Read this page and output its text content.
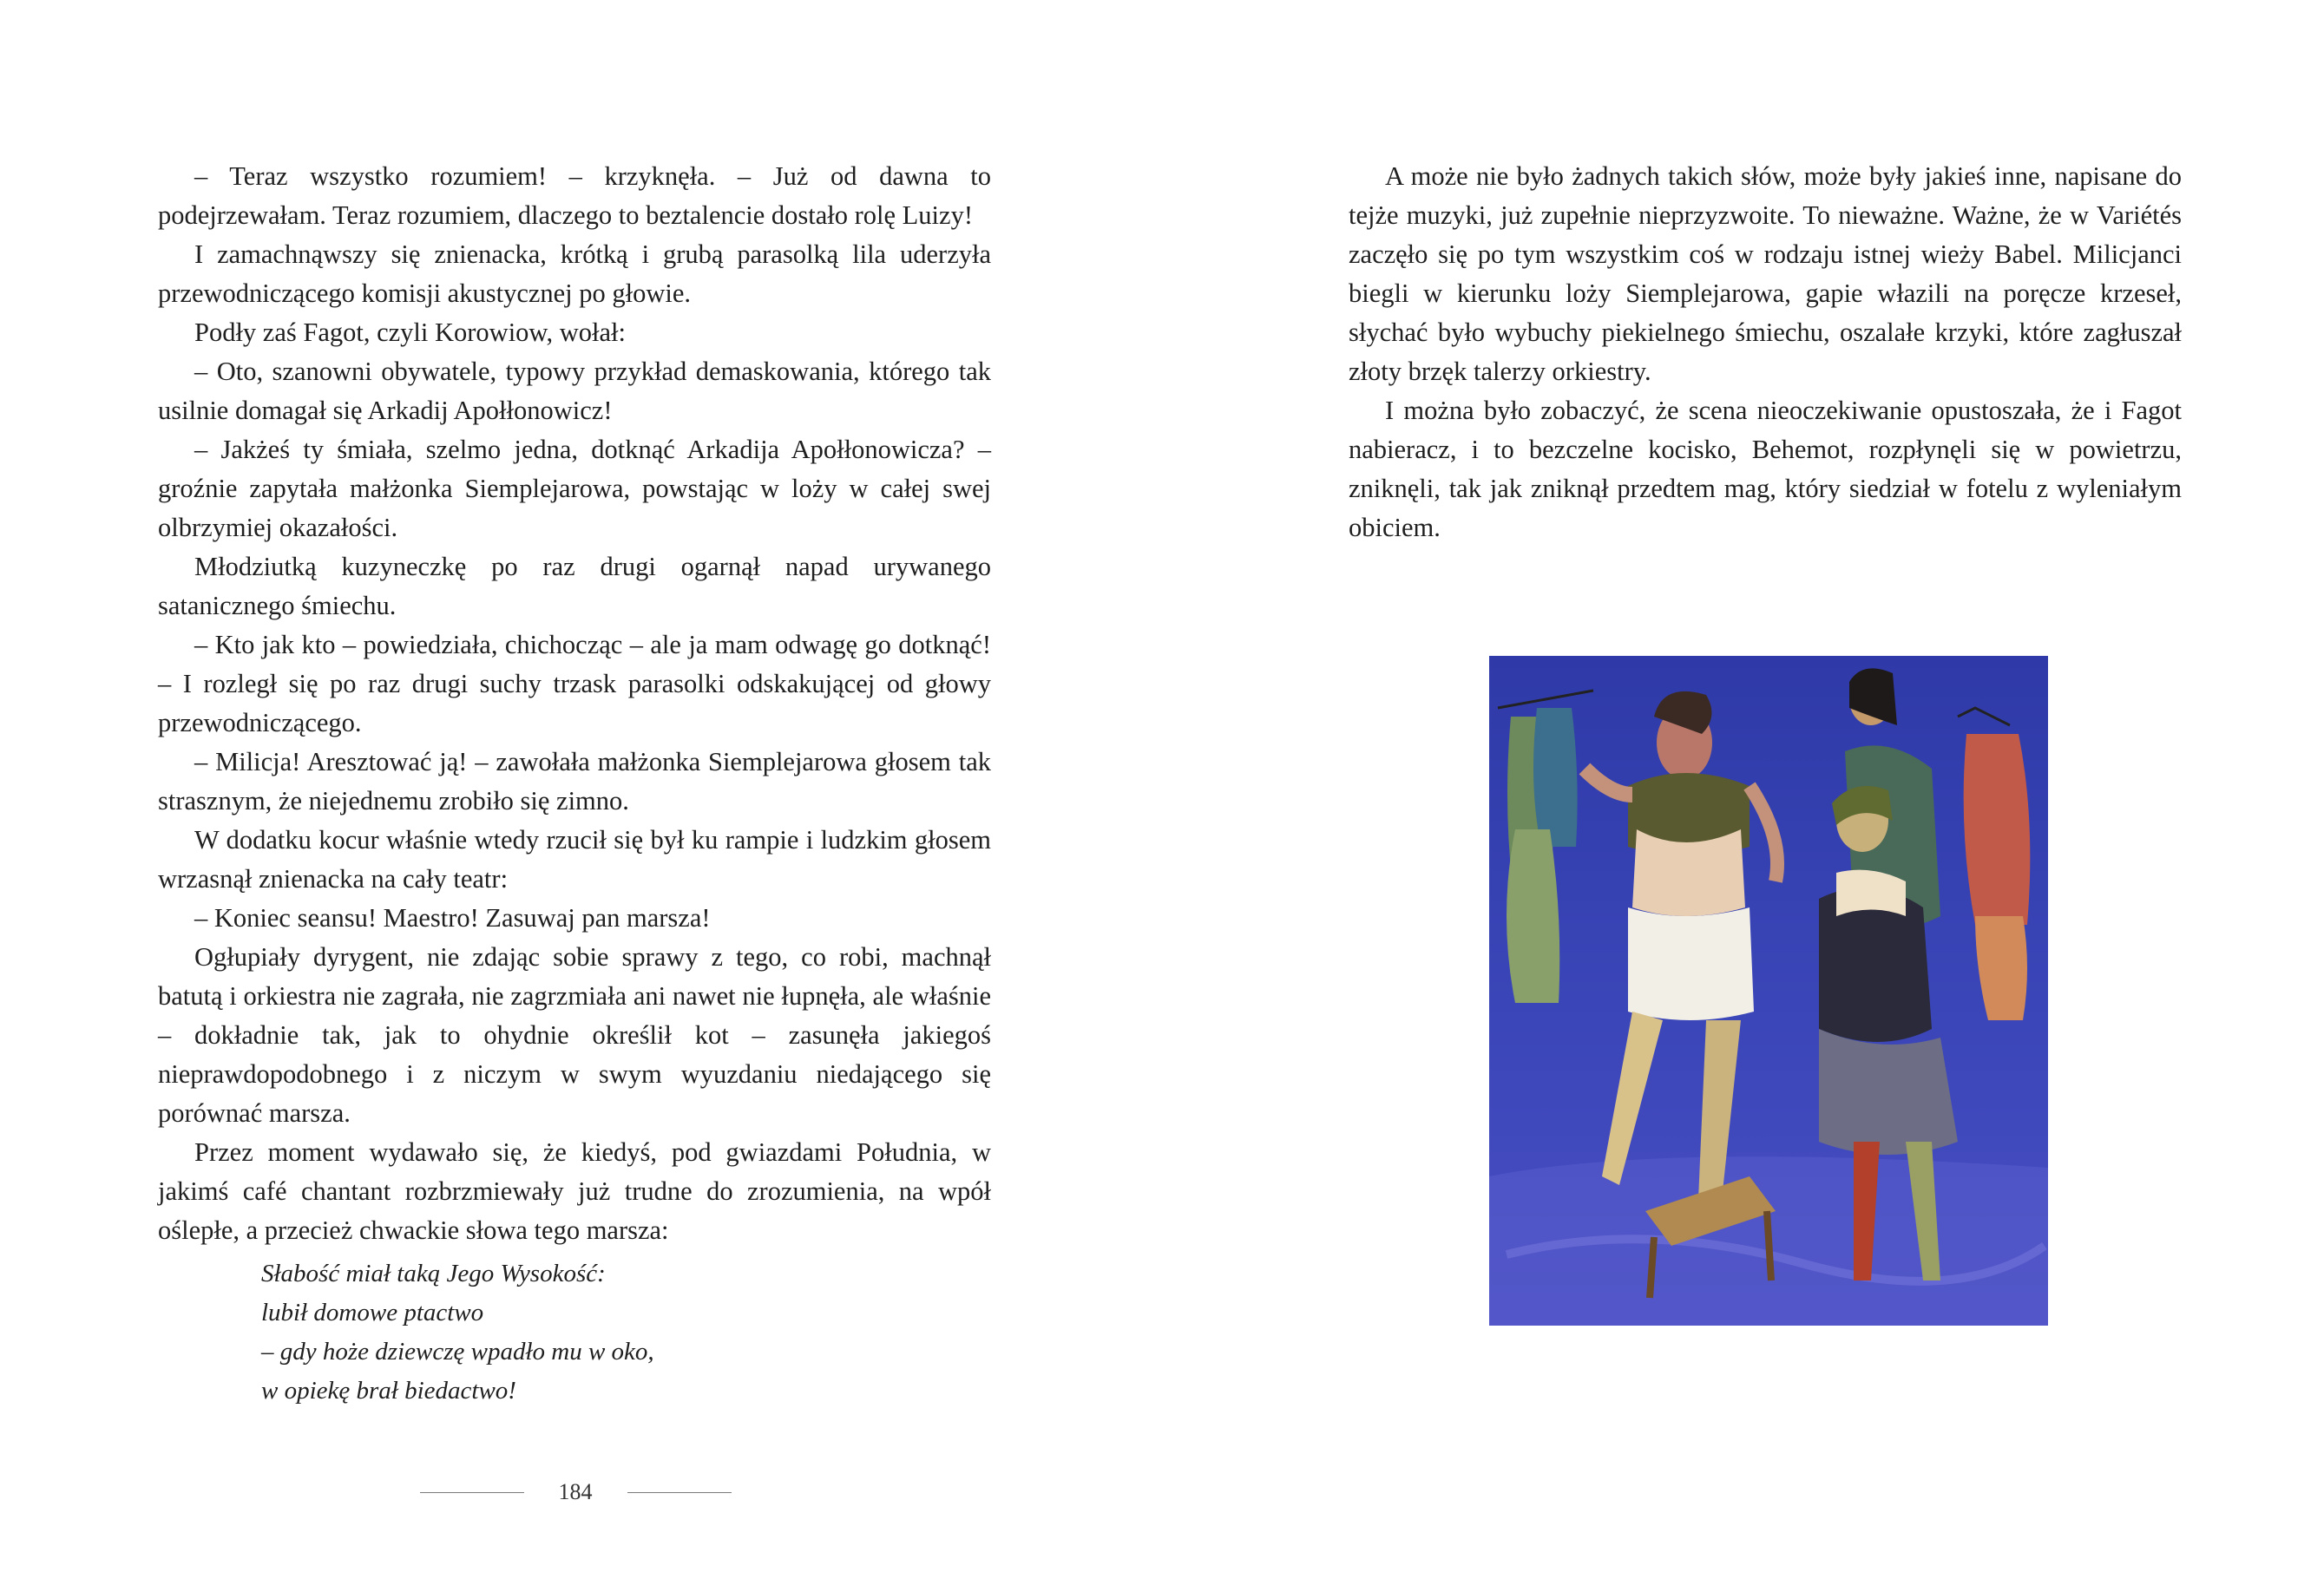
– Teraz wszystko rozumiem! – krzyknęła. – Już od dawna to podejrzewałam. Teraz rozumiem, dlaczego to beztalencie dostało rolę Luizy!

I zamachnąwszy się znienacka, krótką i grubą parasolką lila uderzyła przewodniczącego komisji akustycznej po głowie.

Podły zaś Fagot, czyli Korowiow, wołał:

– Oto, szanowni obywatele, typowy przykład demaskowania, którego tak usilnie domagał się Arkadij Apołłonowicz!

– Jakżeś ty śmiała, szelmo jedna, dotknąć Arkadija Apołłonowicza? – groźnie zapytała małżonka Siemplejarowa, powstając w loży w całej swej olbrzymiej okazałości.

Młodziutką kuzyneczkę po raz drugi ogarnął napad urywanego satanicznego śmiechu.

– Kto jak kto – powiedziała, chichocząc – ale ja mam odwagę go dotknąć! – I rozległ się po raz drugi suchy trzask parasolki odskakującej od głowy przewodniczącego.

– Milicja! Aresztować ją! – zawołała małżonka Siemplejarowa głosem tak strasznym, że niejednemu zrobiło się zimno.

W dodatku kocur właśnie wtedy rzucił się był ku rampie i ludzkim głosem wrzasnął znienacka na cały teatr:

– Koniec seansu! Maestro! Zasuwaj pan marsza!

Ogłupiały dyrygent, nie zdając sobie sprawy z tego, co robi, machnął batutą i orkiestra nie zagrała, nie zagrzmiała ani nawet nie łupnęła, ale właśnie – dokładnie tak, jak to ohydnie określił kot – zasunęła jakiegoś nieprawdopodobnego i z niczym w swym wyuzdaniu niedającego się porównać marsza.

Przez moment wydawało się, że kiedyś, pod gwiazdami Południa, w jakimś café chantant rozbrzmiewały już trudne do zrozumienia, na wpół oślepłe, a przecież chwackie słowa tego marsza:

Słabość miał taką Jego Wysokość:
lubił domowe ptactwo
– gdy hoże dziewczę wpadło mu w oko,
w opiekę brał biedactwo!
184

A może nie było żadnych takich słów, może były jakieś inne, napisane do tejże muzyki, już zupełnie nieprzyzwoite. To nieważne. Ważne, że w Variétés zaczęło się po tym wszystkim coś w rodzaju istnej wieży Babel. Milicjanci biegli w kierunku loży Siemplejarowa, gapie włazili na poręcze krzeseł, słychać było wybuchy piekielnego śmiechu, oszalałe krzyki, które zagłuszał złoty brzęk talerzy orkiestry.

I można było zobaczyć, że scena nieoczekiwanie opustoszała, że i Fagot nabieracz, i to bezczelne kocisko, Behemot, rozpłynęli się w powietrzu, zniknęli, tak jak zniknął przedtem mag, który siedział w fotelu z wyleniałym obiciem.
